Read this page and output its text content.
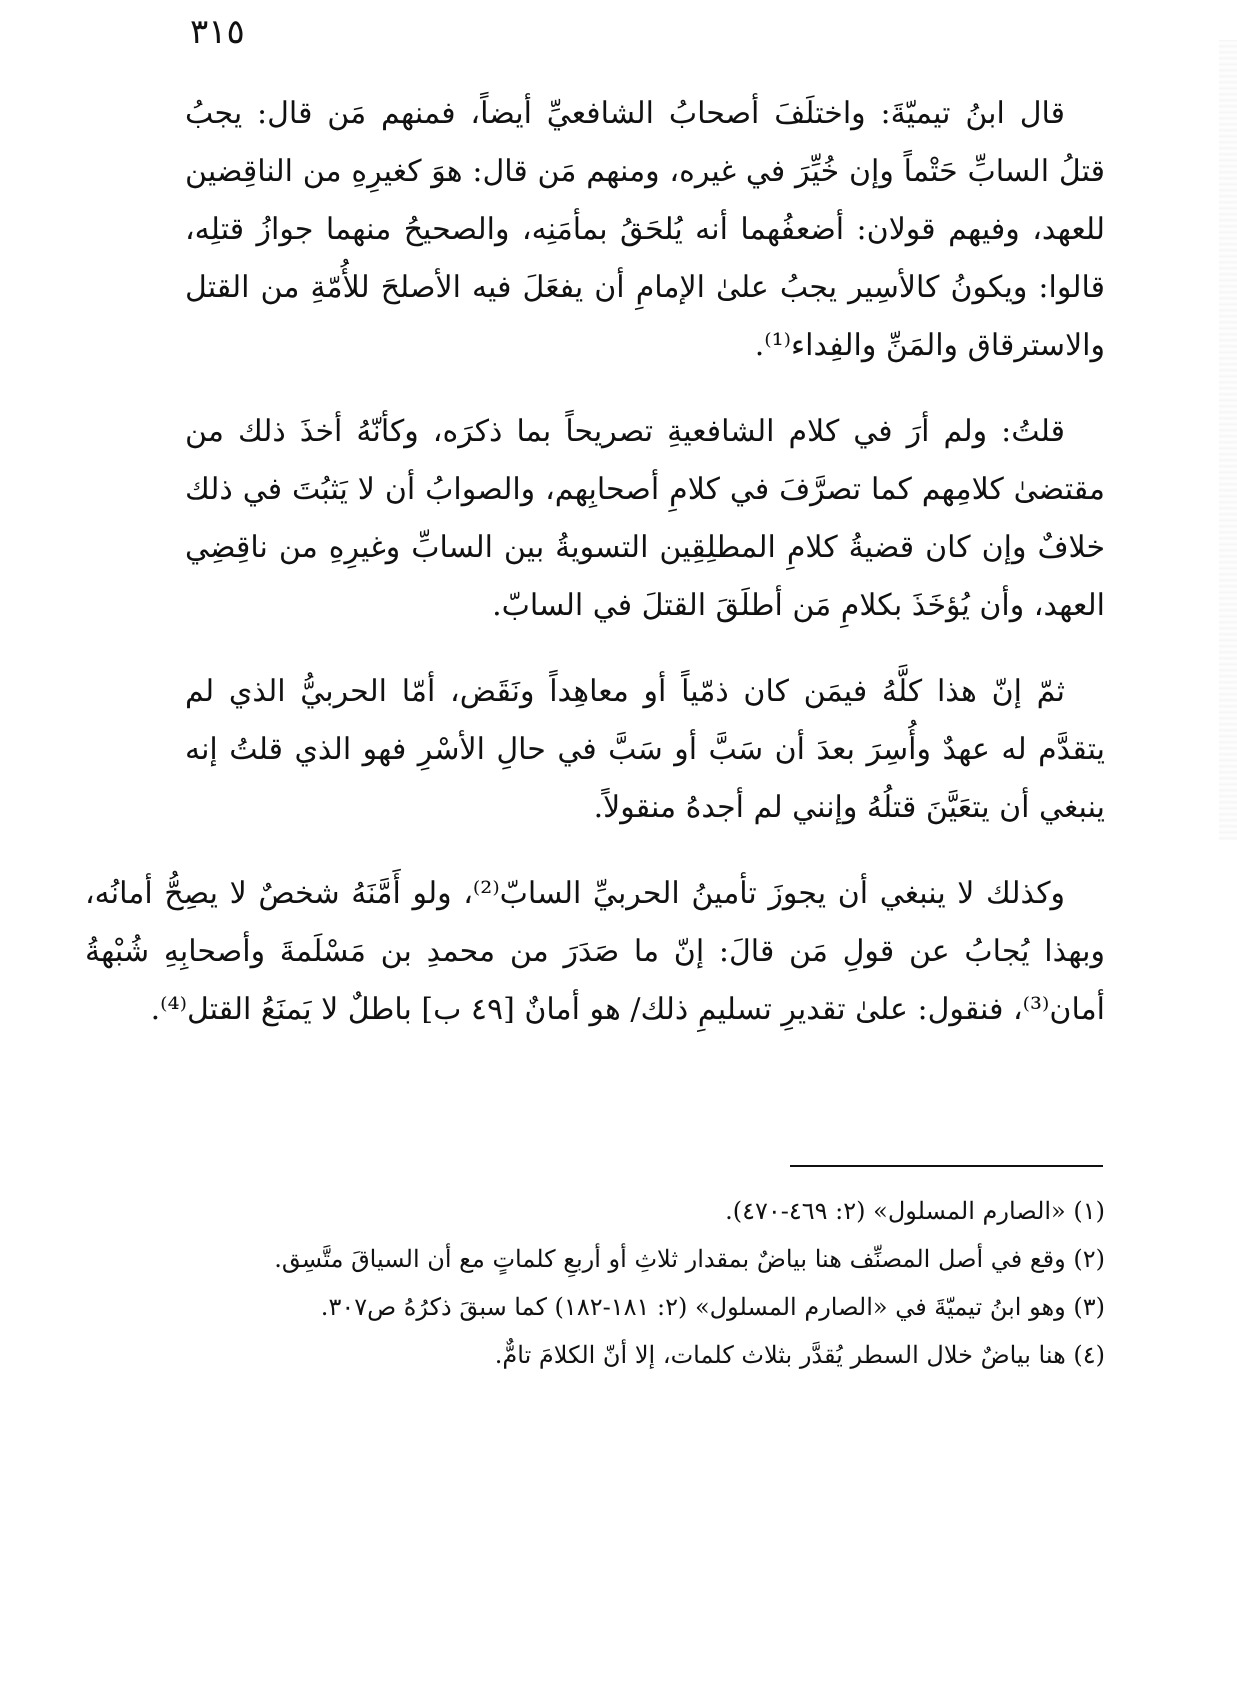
٣١٥

قال ابنُ تيميّةَ: واختلَفَ أصحابُ الشافعيِّ أيضاً، فمنهم مَن قال: يجبُ قتلُ السابِّ حَتْماً وإن خُيِّرَ في غيره، ومنهم مَن قال: هوَ كغيرِهِ من الناقِضين للعهد، وفيهم قولان: أضعفُهما أنه يُلحَقُ بمأمَنِه، والصحيحُ منهما جوازُ قتلِه، قالوا: ويكونُ كالأسِير يجبُ علىٰ الإمامِ أن يفعَلَ فيه الأصلحَ للأُمّةِ من القتل والاسترقاق والمَنِّ والفِداء⁽¹⁾.

قلتُ: ولم أرَ في كلام الشافعيةِ تصريحاً بما ذكرَه، وكأنّهُ أخذَ ذلك من مقتضىٰ كلامِهم كما تصرَّفَ في كلامِ أصحابِهم، والصوابُ أن لا يَثبُتَ في ذلك خلافٌ وإن كان قضيةُ كلامِ المطلِقِين التسويةُ بين السابِّ وغيرِهِ من ناقِضِي العهد، وأن يُؤخَذَ بكلامِ مَن أطلَقَ القتلَ في السابّ.

ثمّ إنّ هذا كلَّهُ فيمَن كان ذمّياً أو معاهِداً ونَقَض، أمّا الحربيُّ الذي لم يتقدَّم له عهدٌ وأُسِرَ بعدَ أن سَبَّ أو سَبَّ في حالِ الأسْرِ فهو الذي قلتُ إنه ينبغي أن يتعَيَّنَ قتلُهُ وإنني لم أجدهُ منقولاً.

وكذلك لا ينبغي أن يجوزَ تأمينُ الحربيِّ السابّ⁽²⁾، ولو أَمَّنَهُ شخصٌ لا يصِحُّ أمانُه، وبهذا يُجابُ عن قولِ مَن قالَ: إنّ ما صَدَرَ من محمدِ بن مَسْلَمةَ وأصحابِهِ شُبْهةُ أمان⁽³⁾، فنقول: علىٰ تقديرِ تسليمِ ذلك/ هو أمانٌ [٤٩ ب] باطلٌ لا يَمنَعُ القتل⁽⁴⁾.

(١) «الصارم المسلول» (٢: ٤٦٩-٤٧٠).

(٢) وقع في أصل المصنِّف هنا بياضٌ بمقدار ثلاثِ أو أربعِ كلماتٍ مع أن السياقَ متَّسِق.

(٣) وهو ابنُ تيميّةَ في «الصارم المسلول» (٢: ١٨١-١٨٢) كما سبقَ ذكرُهُ ص٣٠٧.

(٤) هنا بياضٌ خلال السطر يُقدَّر بثلاث كلمات، إلا أنّ الكلامَ تامٌّ.
